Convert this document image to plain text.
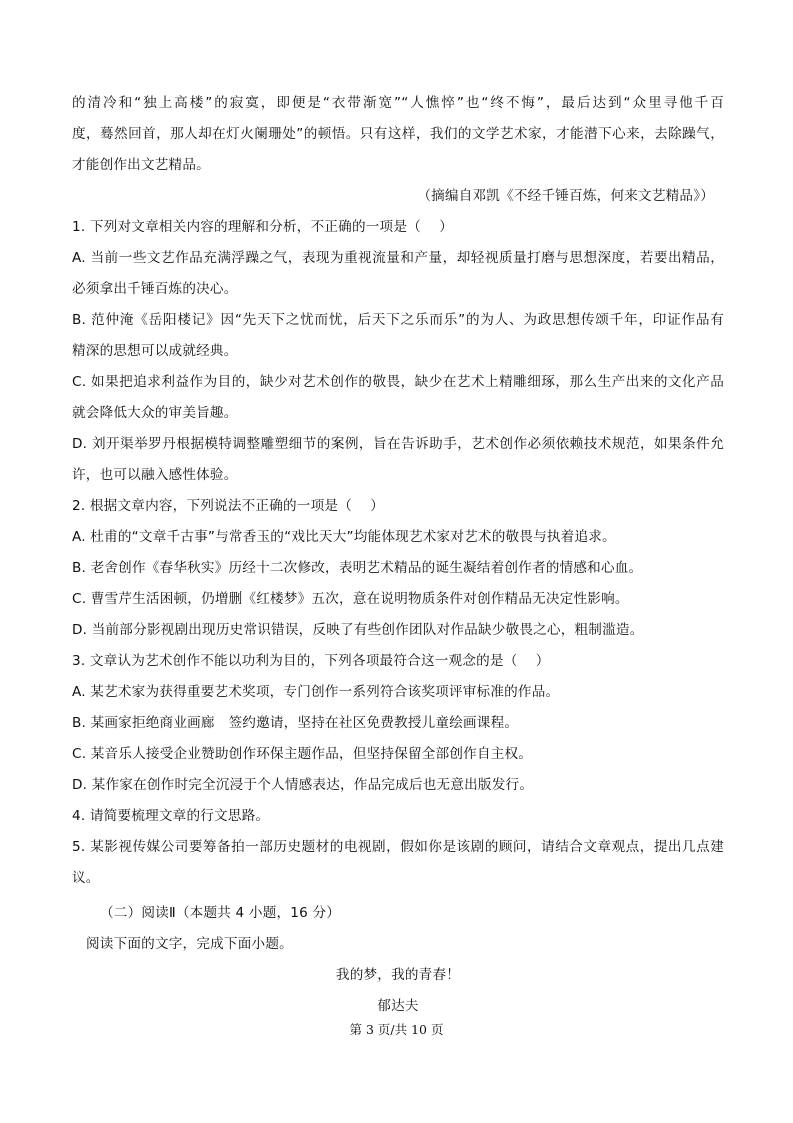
的清冷和“独上高楼”的寂寞，即便是“衣带渐宽”“人憔悴”也“终不悔”，最后达到“众里寻他千百
度，蓦然回首，那人却在灯火阑珊处”的顿悟。只有这样，我们的文学艺术家，才能潜下心来，去除躁气，
才能创作出文艺精品。
（摘编自邓凯《不经千锤百炼，何来文艺精品》）
1. 下列对文章相关内容的理解和分析，不正确的一项是（　 ）
A. 当前一些文艺作品充满浮躁之气，表现为重视流量和产量，却轻视质量打磨与思想深度，若要出精品，
必须拿出千锤百炼的决心。
B. 范仲淹《岳阳楼记》因“先天下之忧而忧，后天下之乐而乐”的为人、为政思想传颂千年，印证作品有
精深的思想可以成就经典。
C. 如果把追求利益作为目的，缺少对艺术创作的敬畏，缺少在艺术上精雕细琢，那么生产出来的文化产品
就会降低大众的审美旨趣。
D. 刘开渠举罗丹根据模特调整雕塑细节的案例，旨在告诉助手，艺术创作必须依赖技术规范，如果条件允
许，也可以融入感性体验。
2. 根据文章内容，下列说法不正确的一项是（　 ）
A. 杜甫的“文章千古事”与常香玉的“戏比天大”均能体现艺术家对艺术的敬畏与执着追求。
B. 老舍创作《春华秋实》历经十二次修改，表明艺术精品的诞生凝结着创作者的情感和心血。
C. 曹雪芹生活困顿，仍增删《红楼梦》五次，意在说明物质条件对创作精品无决定性影响。
D. 当前部分影视剧出现历史常识错误，反映了有些创作团队对作品缺少敬畏之心，粗制滥造。
3. 文章认为艺术创作不能以功利为目的，下列各项最符合这一观念的是（　 ）
A. 某艺术家为获得重要艺术奖项，专门创作一系列符合该奖项评审标准的作品。
B. 某画家拒绝商业画廊　签约邀请，坚持在社区免费教授儿童绘画课程。
C. 某音乐人接受企业赞助创作环保主题作品，但坚持保留全部创作自主权。
D. 某作家在创作时完全沉浸于个人情感表达，作品完成后也无意出版发行。
4. 请简要梳理文章的行文思路。
5. 某影视传媒公司要筹备拍一部历史题材的电视剧，假如你是该剧的顾问，请结合文章观点，提出几点建
议。
（二）阅读Ⅱ（本题共 4 小题，16 分）
阅读下面的文字，完成下面小题。
我的梦，我的青春！
郁达夫
第 3 页/共 10 页
